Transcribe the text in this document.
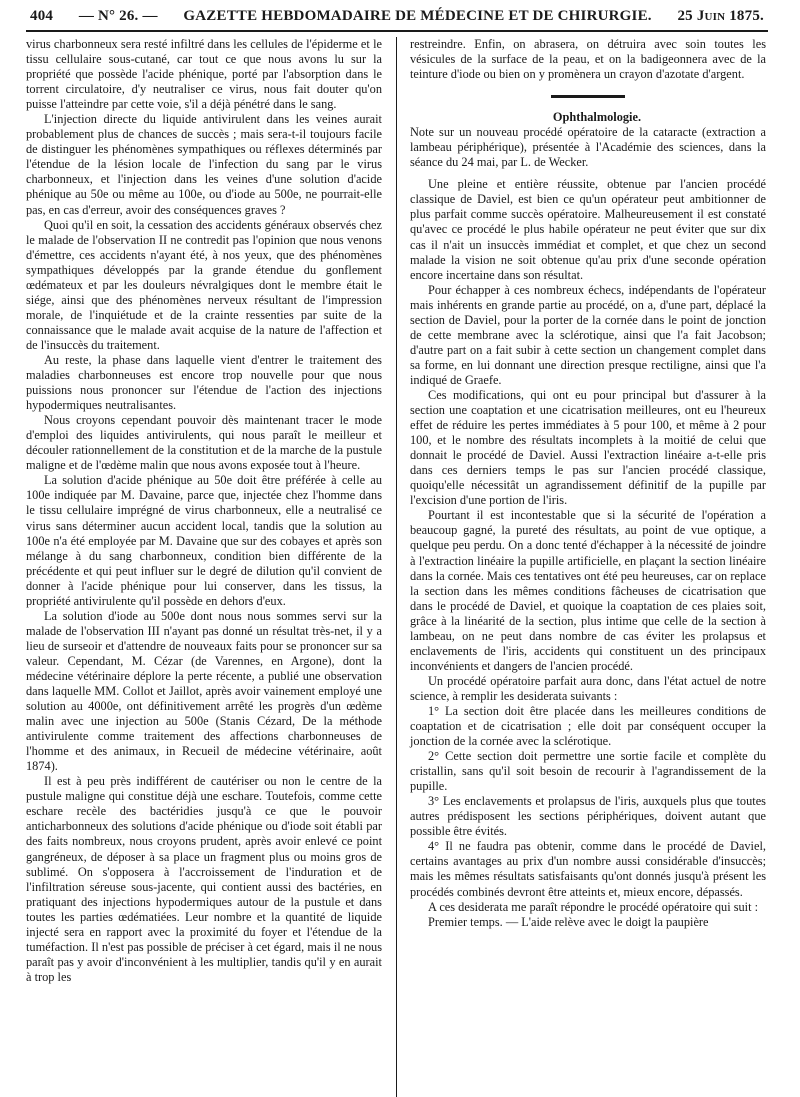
404 — N° 26. — GAZETTE HEBDOMADAIRE DE MÉDECINE ET DE CHIRURGIE. 25 Juin 1875.

virus charbonneux sera resté infiltré dans les cellules de l'épiderme et le tissu cellulaire sous-cutané, car tout ce que nous avons lu sur la propriété que possède l'acide phénique, porté par l'absorption dans le torrent circulatoire, d'y neutraliser ce virus, nous fait douter qu'on puisse l'atteindre par cette voie, s'il a déjà pénétré dans le sang.

L'injection directe du liquide antivirulent dans les veines aurait probablement plus de chances de succès ; mais sera-t-il toujours facile de distinguer les phénomènes sympathiques ou réflexes déterminés par l'étendue de la lésion locale de l'infection du sang par le virus charbonneux, et l'injection dans les veines d'une solution d'acide phénique au 50e ou même au 100e, ou d'iode au 500e, ne pourrait-elle pas, en cas d'erreur, avoir des conséquences graves ?

Quoi qu'il en soit, la cessation des accidents généraux observés chez le malade de l'observation II ne contredit pas l'opinion que nous venons d'émettre, ces accidents n'ayant été, à nos yeux, que des phénomènes sympathiques développés par la grande étendue du gonflement œdémateux et par les douleurs névralgiques dont le membre était le siége, ainsi que des phénomènes nerveux résultant de l'impression morale, de l'inquiétude et de la crainte ressenties par suite de la connaissance que le malade avait acquise de la nature de l'affection et de l'insuccès du traitement.

Au reste, la phase dans laquelle vient d'entrer le traitement des maladies charbonneuses est encore trop nouvelle pour que nous puissions nous prononcer sur l'étendue de l'action des injections hypodermiques neutralisantes.

Nous croyons cependant pouvoir dès maintenant tracer le mode d'emploi des liquides antivirulents, qui nous paraît le meilleur et découler rationnellement de la constitution et de la marche de la pustule maligne et de l'œdème malin que nous avons exposée tout à l'heure.

La solution d'acide phénique au 50e doit être préférée à celle au 100e indiquée par M. Davaine, parce que, injectée chez l'homme dans le tissu cellulaire imprégné de virus charbonneux, elle a neutralisé ce virus sans déterminer aucun accident local, tandis que la solution au 100e n'a été employée par M. Davaine que sur des cobayes et après son mélange à du sang charbonneux, condition bien différente de la précédente et qui peut influer sur le degré de dilution qu'il convient de donner à l'acide phénique pour lui conserver, dans les tissus, la propriété antivirulente qu'il possède en dehors d'eux.

La solution d'iode au 500e dont nous nous sommes servi sur la malade de l'observation III n'ayant pas donné un résultat très-net, il y a lieu de surseoir et d'attendre de nouveaux faits pour se prononcer sur sa valeur. Cependant, M. Cézar (de Varennes, en Argone), dont la médecine vétérinaire déplore la perte récente, a publié une observation dans laquelle MM. Collot et Jaillot, après avoir vainement employé une solution au 4000e, ont définitivement arrêté les progrès d'un œdème malin avec une injection au 500e (Stanis Cézard, De la méthode antivirulente comme traitement des affections charbonneuses de l'homme et des animaux, in Recueil de médecine vétérinaire, août 1874).

Il est à peu près indifférent de cautériser ou non le centre de la pustule maligne qui constitue déjà une eschare. Toutefois, comme cette eschare recèle des bactéridies jusqu'à ce que le pouvoir anticharbonneux des solutions d'acide phénique ou d'iode soit établi par des faits nombreux, nous croyons prudent, après avoir enlevé ce point gangréneux, de déposer à sa place un fragment plus ou moins gros de sublimé. On s'opposera à l'accroissement de l'induration et de l'infiltration séreuse sous-jacente, qui contient aussi des bactéries, en pratiquant des injections hypodermiques autour de la pustule et dans toutes les parties œdématiées. Leur nombre et la quantité de liquide injecté sera en rapport avec la proximité du foyer et l'étendue de la tuméfaction. Il n'est pas possible de préciser à cet égard, mais il ne nous paraît pas y avoir d'inconvénient à les multiplier, tandis qu'il y en aurait à trop les

restreindre. Enfin, on abrasera, on détruira avec soin toutes les vésicules de la surface de la peau, et on la badigeonnera avec de la teinture d'iode ou bien on y promènera un crayon d'azotate d'argent.

Ophthalmologie.

Note sur un nouveau procédé opératoire de la cataracte (extraction a lambeau périphérique), présentée à l'Académie des sciences, dans la séance du 24 mai, par L. de Wecker.

Une pleine et entière réussite, obtenue par l'ancien procédé classique de Daviel, est bien ce qu'un opérateur peut ambitionner de plus parfait comme succès opératoire. Malheureusement il est constaté qu'avec ce procédé le plus habile opérateur ne peut éviter que sur dix cas il n'ait un insuccès immédiat et complet, et que chez un second malade la vision ne soit obtenue qu'au prix d'une seconde opération encore incertaine dans son résultat.

Pour échapper à ces nombreux échecs, indépendants de l'opérateur mais inhérents en grande partie au procédé, on a, d'une part, déplacé la section de Daviel, pour la porter de la cornée dans le point de jonction de cette membrane avec la sclérotique, ainsi que l'a fait Jacobson; d'autre part on a fait subir à cette section un changement complet dans sa forme, en lui donnant une direction presque rectiligne, ainsi que l'a indiqué de Graefe.

Ces modifications, qui ont eu pour principal but d'assurer à la section une coaptation et une cicatrisation meilleures, ont eu l'heureux effet de réduire les pertes immédiates à 5 pour 100, et même à 2 pour 100, et le nombre des résultats incomplets à la moitié de celui que donnait le procédé de Daviel. Aussi l'extraction linéaire a-t-elle pris dans ces derniers temps le pas sur l'ancien procédé classique, quoiqu'elle nécessitât un agrandissement définitif de la pupille par l'excision d'une portion de l'iris.

Pourtant il est incontestable que si la sécurité de l'opération a beaucoup gagné, la pureté des résultats, au point de vue optique, a quelque peu perdu. On a donc tenté d'échapper à la nécessité de joindre à l'extraction linéaire la pupille artificielle, en plaçant la section linéaire dans la cornée. Mais ces tentatives ont été peu heureuses, car on replace la section dans les mêmes conditions fâcheuses de cicatrisation que dans le procédé de Daviel, et quoique la coaptation de ces plaies soit, grâce à la linéarité de la section, plus intime que celle de la section à lambeau, on ne peut dans nombre de cas éviter les prolapsus et enclavements de l'iris, accidents qui constituent un des principaux inconvénients et dangers de l'ancien procédé.

Un procédé opératoire parfait aura donc, dans l'état actuel de notre science, à remplir les desiderata suivants :

1° La section doit être placée dans les meilleures conditions de coaptation et de cicatrisation ; elle doit par conséquent occuper la jonction de la cornée avec la sclérotique.

2° Cette section doit permettre une sortie facile et complète du cristallin, sans qu'il soit besoin de recourir à l'agrandissement de la pupille.

3° Les enclavements et prolapsus de l'iris, auxquels plus que toutes autres prédisposent les sections périphériques, doivent autant que possible être évités.

4° Il ne faudra pas obtenir, comme dans le procédé de Daviel, certains avantages au prix d'un nombre aussi considérable d'insuccès; mais les mêmes résultats satisfaisants qu'ont donnés jusqu'à présent les procédés combinés devront être atteints et, mieux encore, dépassés.

A ces desiderata me paraît répondre le procédé opératoire qui suit :

Premier temps. — L'aide relève avec le doigt la paupière
